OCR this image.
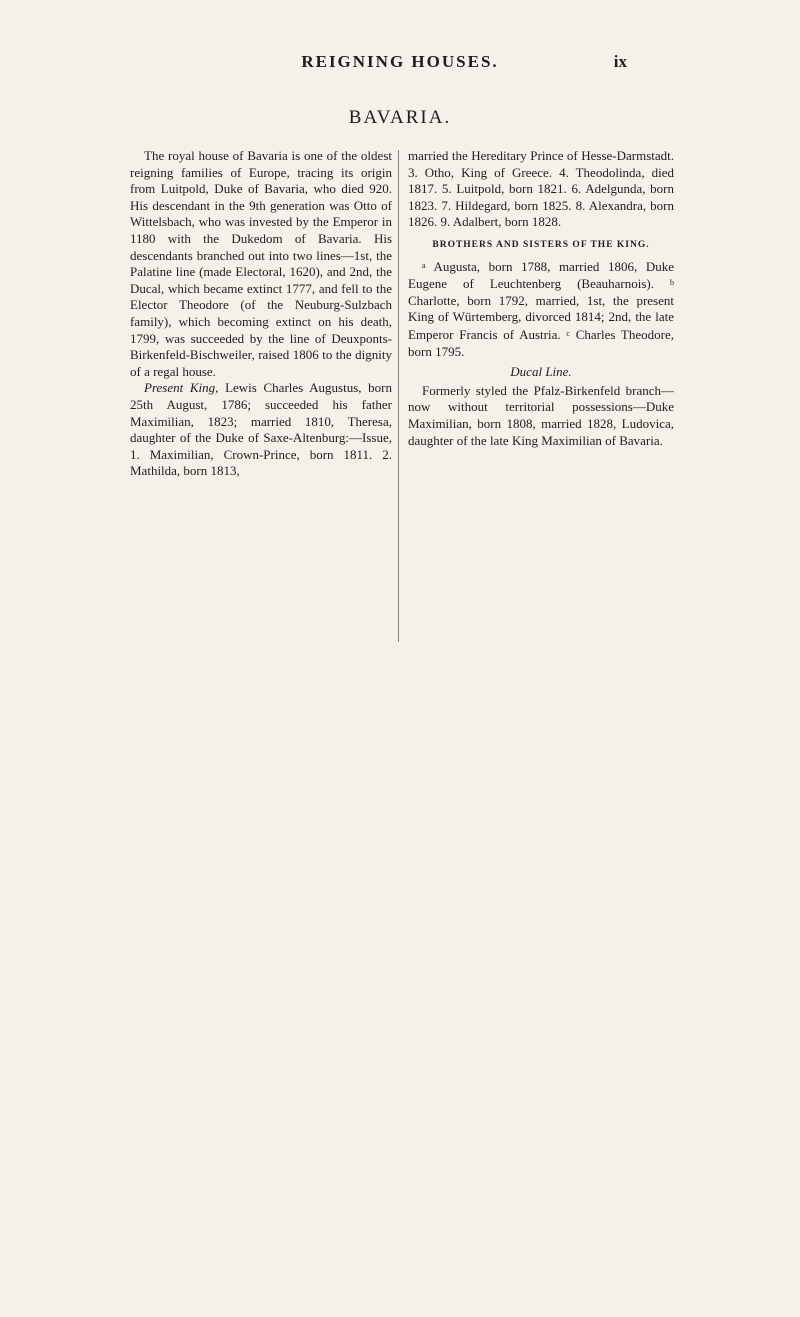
REIGNING HOUSES.	ix
BAVARIA.

The royal house of Bavaria is one of the oldest reigning families of Europe, tracing its origin from Luitpold, Duke of Bavaria, who died 920. His descendant in the 9th generation was Otto of Wittelsbach, who was invested by the Emperor in 1180 with the Dukedom of Bavaria. His descendants branched out into two lines—1st, the Palatine line (made Electoral, 1620), and 2nd, the Ducal, which became extinct 1777, and fell to the Elector Theodore (of the Neuburg-Sulzbach family), which becoming extinct on his death, 1799, was succeeded by the line of Deuxponts-Birkenfeld-Bischweiler, raised 1806 to the dignity of a regal house.

Present King, Lewis Charles Augustus, born 25th August, 1786; succeeded his father Maximilian, 1823; married 1810, Theresa, daughter of the Duke of Saxe-Altenburg:—Issue, 1. Maximilian, Crown-Prince, born 1811. 2. Mathilda, born 1813,

married the Hereditary Prince of Hesse-Darmstadt. 3. Otho, King of Greece. 4. Theodolinda, died 1817. 5. Luitpold, born 1821. 6. Adelgunda, born 1823. 7. Hildegard, born 1825. 8. Alexandra, born 1826. 9. Adalbert, born 1828.

BROTHERS AND SISTERS OF THE KING.

$^a$ Augusta, born 1788, married 1806, Duke Eugene of Leuchtenberg (Beauharnois). $^b$ Charlotte, born 1792, married, 1st, the present King of Würtemberg, divorced 1814; 2nd, the late Emperor Francis of Austria. $^c$ Charles Theodore, born 1795.

Ducal Line.

Formerly styled the Pfalz-Birkenfeld branch—now without territorial possessions—Duke Maximilian, born 1808, married 1828, Ludovica, daughter of the late King Maximilian of Bavaria.
